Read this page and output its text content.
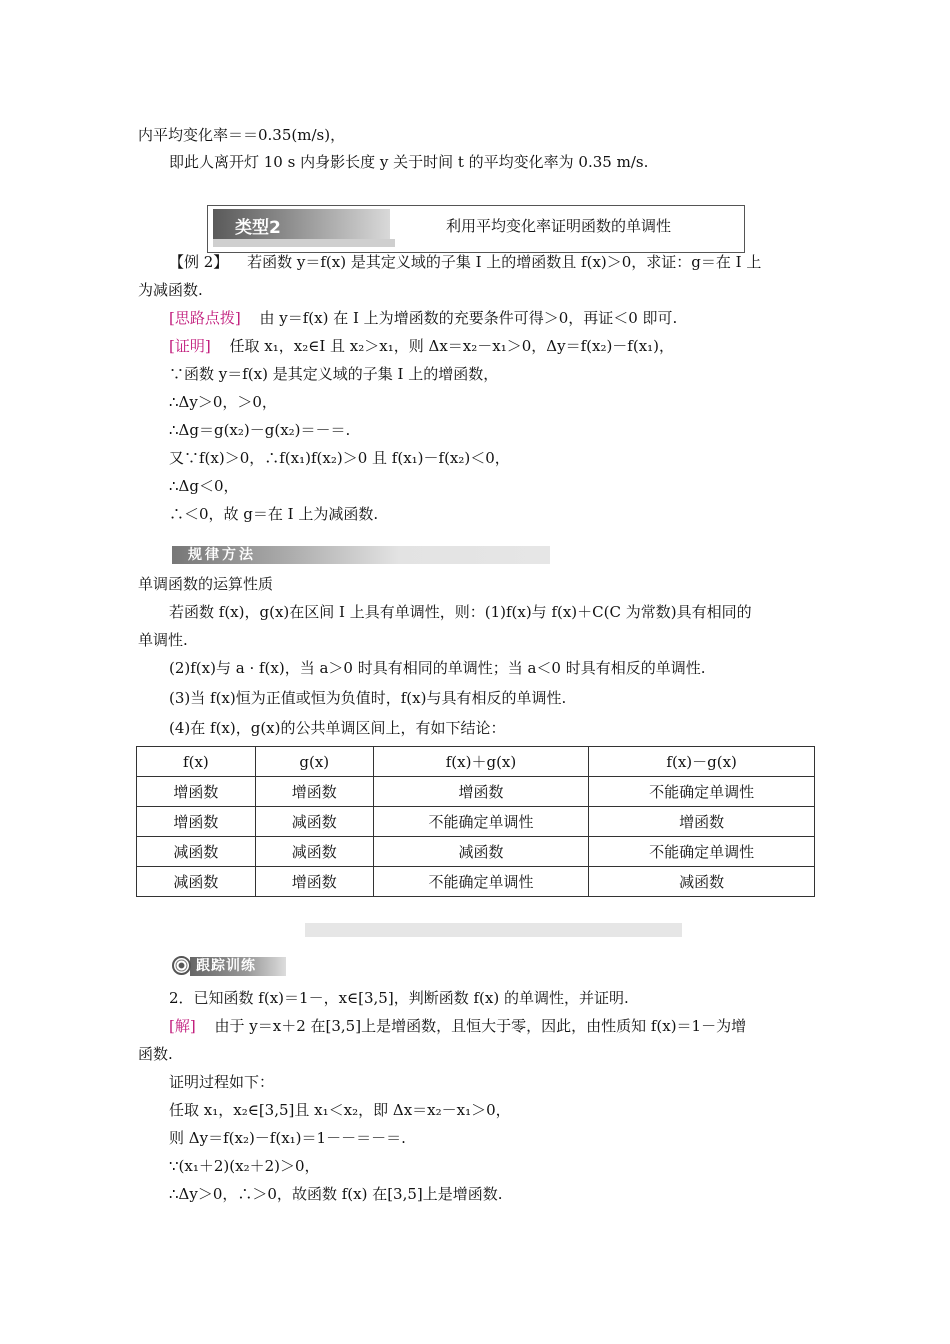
内平均变化率＝＝0.35(m/s)，
即此人离开灯 10 s 内身影长度 y 关于时间 t 的平均变化率为 0.35 m/s.
类型2	利用平均变化率证明函数的单调性
【例 2】 若函数 y＝f(x) 是其定义域的子集 I 上的增函数且 f(x)＞0，求证：g＝在 I 上
为减函数.
[思路点拨] 由 y＝f(x) 在 I 上为增函数的充要条件可得＞0，再证＜0 即可.
[证明] 任取 x₁，x₂∈I 且 x₂＞x₁，则 Δx＝x₂－x₁＞0，Δy＝f(x₂)－f(x₁)，
∵函数 y＝f(x) 是其定义域的子集 I 上的增函数，
∴Δy＞0，＞0，
∴Δg＝g(x₂)－g(x₂)＝－＝.
又∵f(x)＞0，∴f(x₁)f(x₂)＞0 且 f(x₁)－f(x₂)＜0，
∴Δg＜0，
∴＜0，故 g＝在 I 上为减函数.
规律方法
单调函数的运算性质
若函数 f(x)，g(x)在区间 I 上具有单调性，则：(1)f(x)与 f(x)＋C(C 为常数)具有相同的
单调性.
(2)f(x)与 a · f(x)，当 a＞0 时具有相同的单调性；当 a＜0 时具有相反的单调性.
(3)当 f(x)恒为正值或恒为负值时，f(x)与具有相反的单调性.
(4)在 f(x)，g(x)的公共单调区间上，有如下结论：
f(x)	g(x)	f(x)＋g(x)	f(x)－g(x)
增函数	增函数	增函数	不能确定单调性
增函数	减函数	不能确定单调性	增函数
减函数	减函数	减函数	不能确定单调性
减函数	增函数	不能确定单调性	减函数
跟踪训练
2．已知函数 f(x)＝1－，x∈[3,5]，判断函数 f(x) 的单调性，并证明.
[解] 由于 y＝x＋2 在[3,5]上是增函数，且恒大于零，因此，由性质知 f(x)＝1－为增
函数.
证明过程如下：
任取 x₁，x₂∈[3,5]且 x₁＜x₂，即 Δx＝x₂－x₁＞0，
则 Δy＝f(x₂)－f(x₁)＝1－－＝－＝.
∵(x₁＋2)(x₂＋2)＞0，
∴Δy＞0，∴＞0，故函数 f(x) 在[3,5]上是增函数.
